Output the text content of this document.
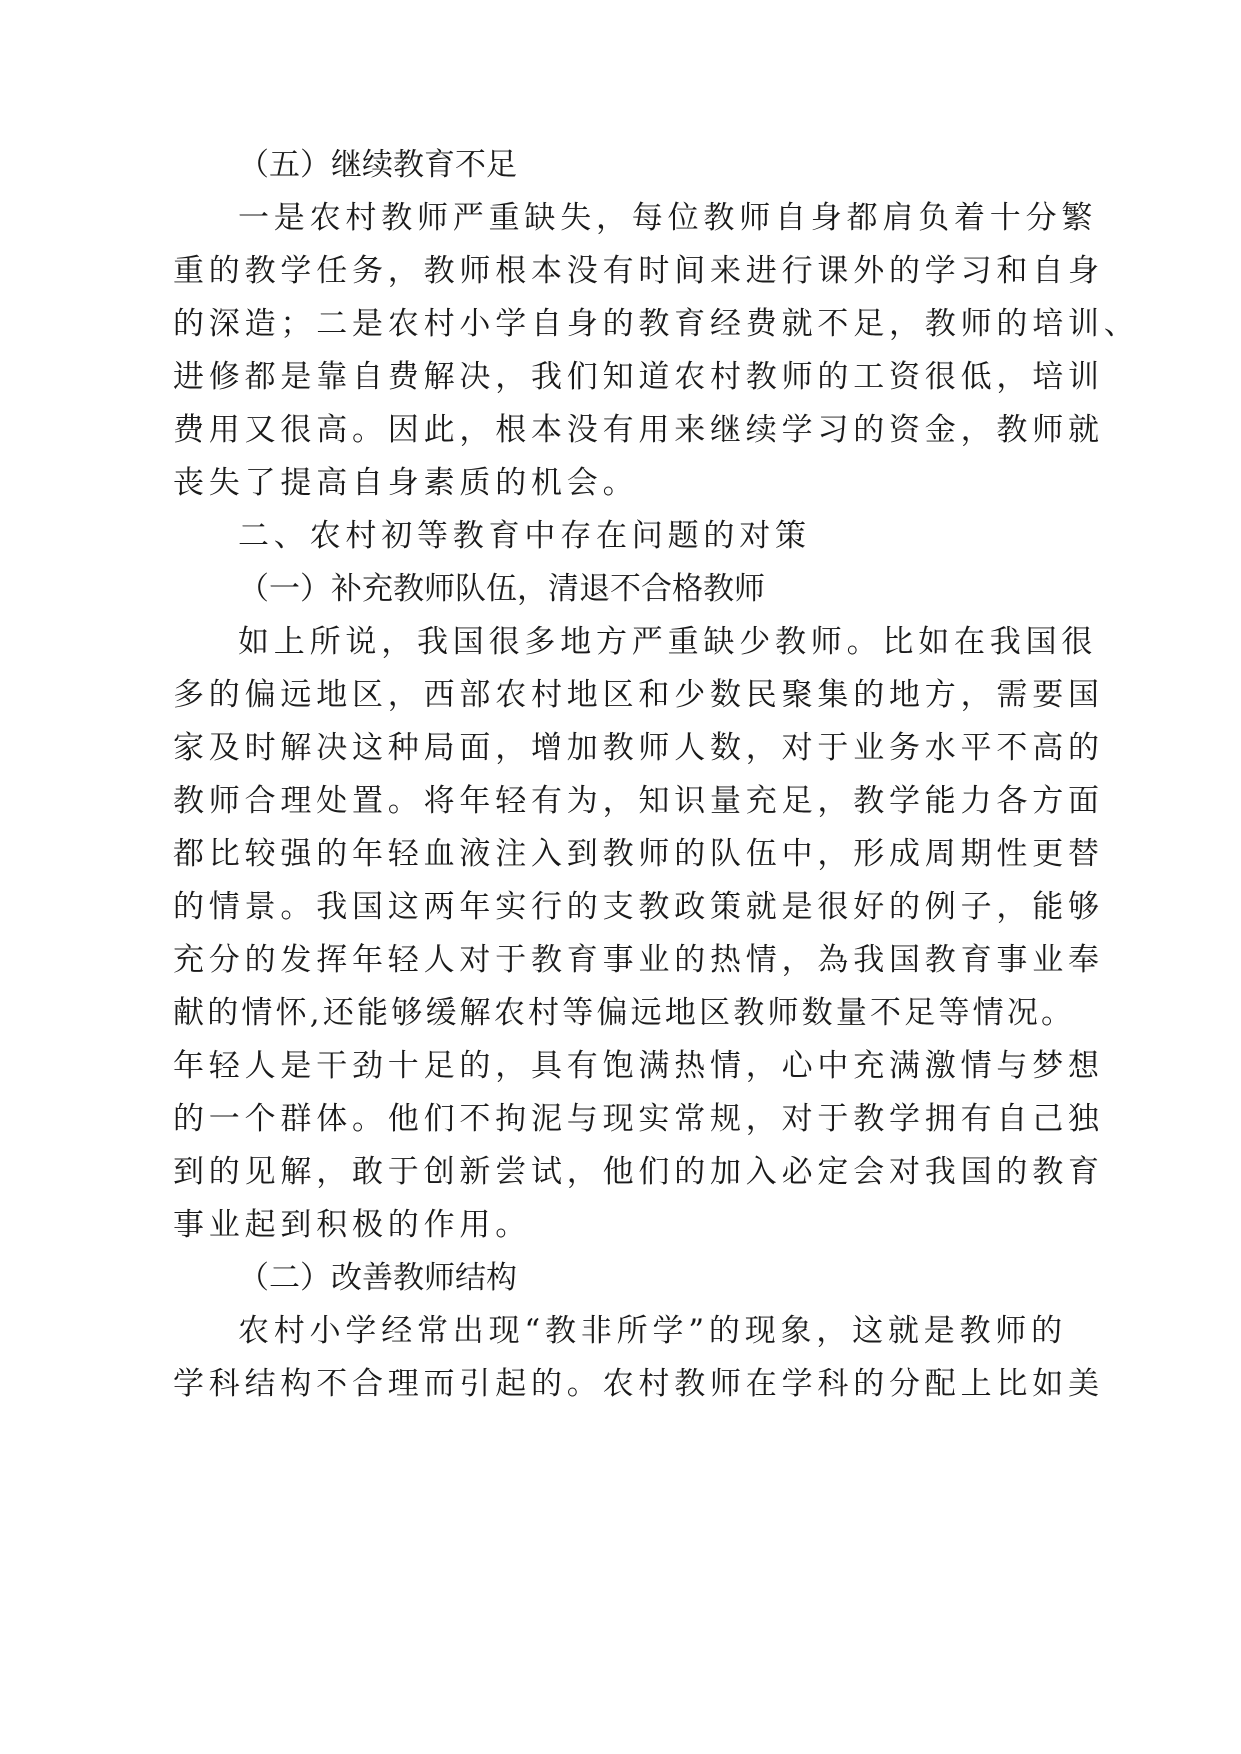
（五）继续教育不足
一是农村教师严重缺失，每位教师自身都肩负着十分繁
重的教学任务，教师根本没有时间来进行课外的学习和自身
的深造；二是农村小学自身的教育经费就不足，教师的培训、
进修都是靠自费解决，我们知道农村教师的工资很低，培训
费用又很高。因此，根本没有用来继续学习的资金，教师就
丧失了提高自身素质的机会。
二、农村初等教育中存在问题的对策
（一）补充教师队伍，清退不合格教师
如上所说，我国很多地方严重缺少教师。比如在我国很
多的偏远地区，西部农村地区和少数民聚集的地方，需要国
家及时解决这种局面，增加教师人数，对于业务水平不高的
教师合理处置。将年轻有为，知识量充足，教学能力各方面
都比较强的年轻血液注入到教师的队伍中，形成周期性更替
的情景。我国这两年实行的支教政策就是很好的例子，能够
充分的发挥年轻人对于教育事业的热情，為我国教育事业奉
献的情怀,还能够缓解农村等偏远地区教师数量不足等情况。
年轻人是干劲十足的，具有饱满热情，心中充满激情与梦想
的一个群体。他们不拘泥与现实常规，对于教学拥有自己独
到的见解，敢于创新尝试，他们的加入必定会对我国的教育
事业起到积极的作用。
（二）改善教师结构
农村小学经常出现“教非所学”的现象，这就是教师的
学科结构不合理而引起的。农村教师在学科的分配上比如美
